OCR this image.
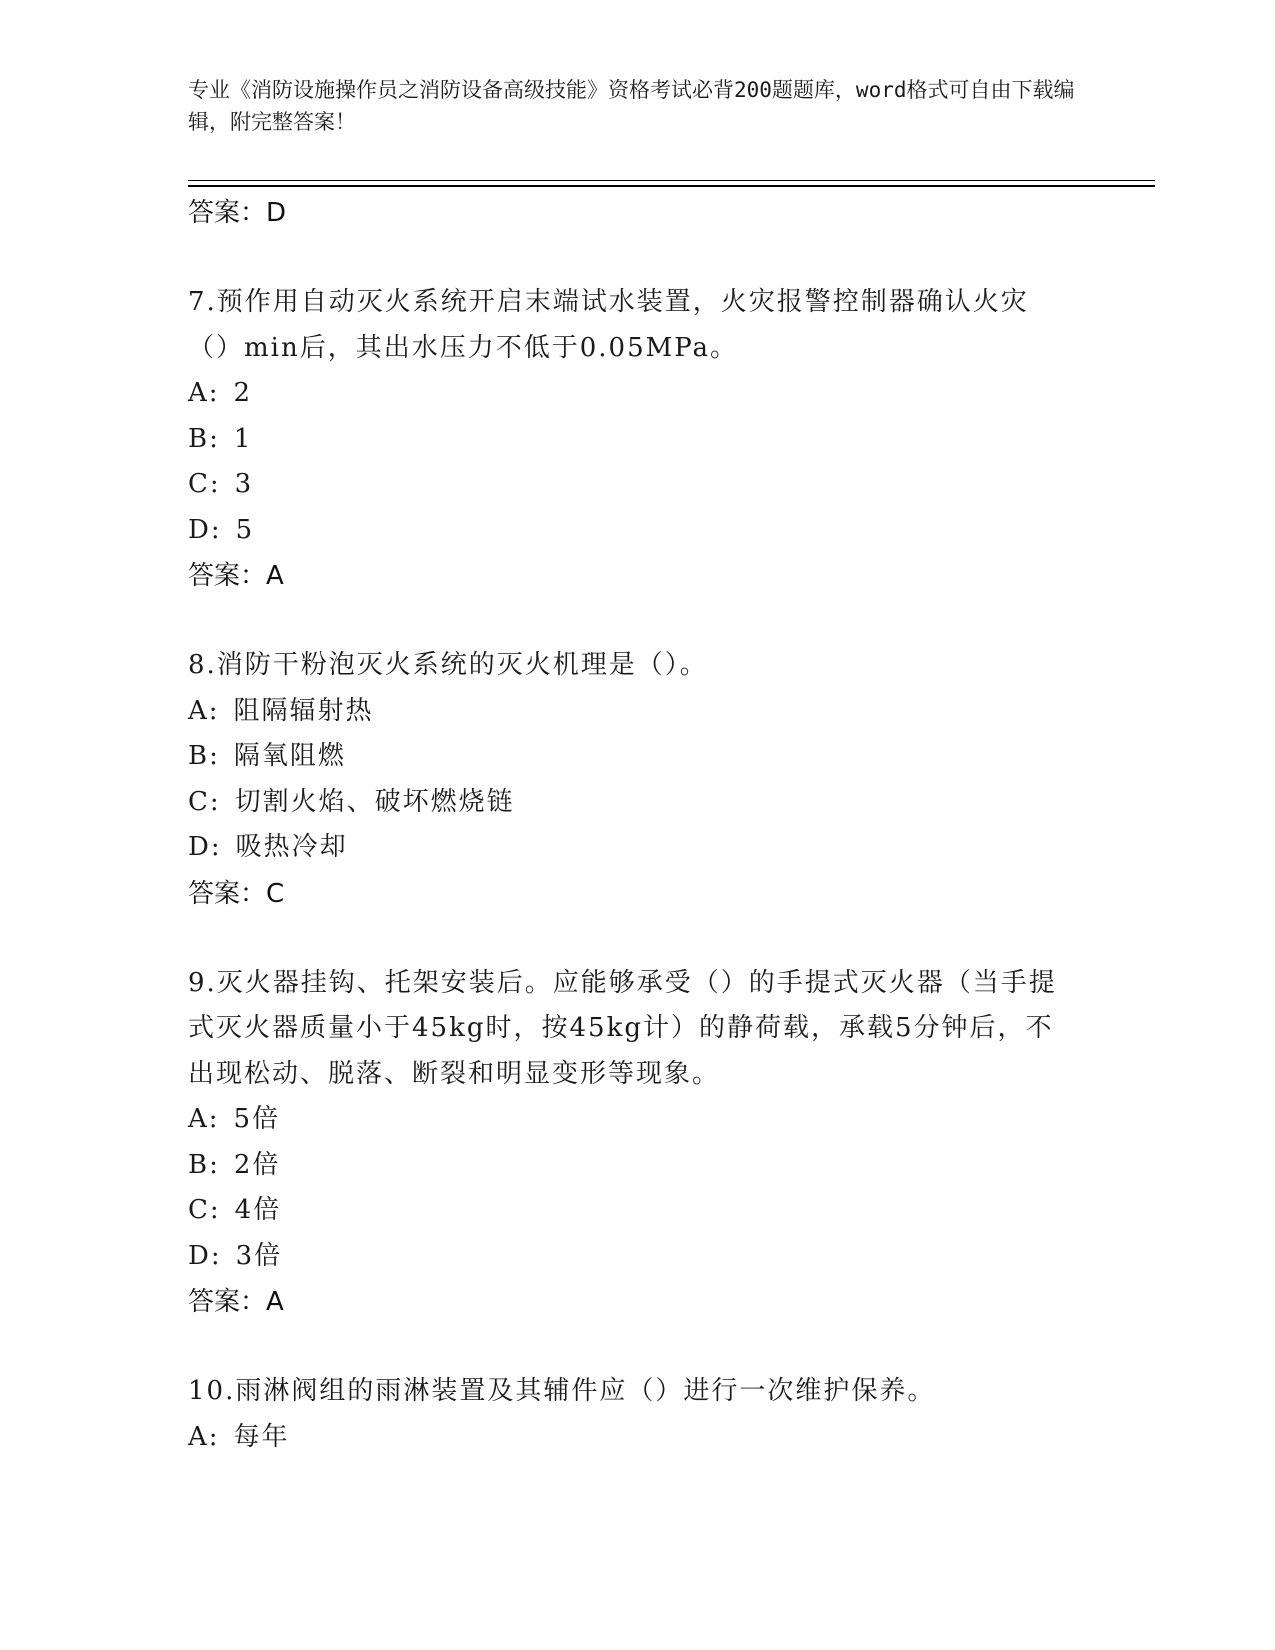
专业《消防设施操作员之消防设备高级技能》资格考试必背200题题库，word格式可自由下载编辑，附完整答案！
答案：D
7.预作用自动灭火系统开启末端试水装置，火灾报警控制器确认火灾（）min后，其出水压力不低于0.05MPa。
A: 2
B: 1
C: 3
D: 5
答案：A
8.消防干粉泡灭火系统的灭火机理是（）。
A: 阻隔辐射热
B: 隔氧阻燃
C: 切割火焰、破坏燃烧链
D: 吸热冷却
答案：C
9.灭火器挂钩、托架安装后。应能够承受（）的手提式灭火器（当手提式灭火器质量小于45kg时，按45kg计）的静荷载，承载5分钟后，不出现松动、脱落、断裂和明显变形等现象。
A: 5倍
B: 2倍
C: 4倍
D: 3倍
答案：A
10.雨淋阀组的雨淋装置及其辅件应（）进行一次维护保养。
A: 每年
